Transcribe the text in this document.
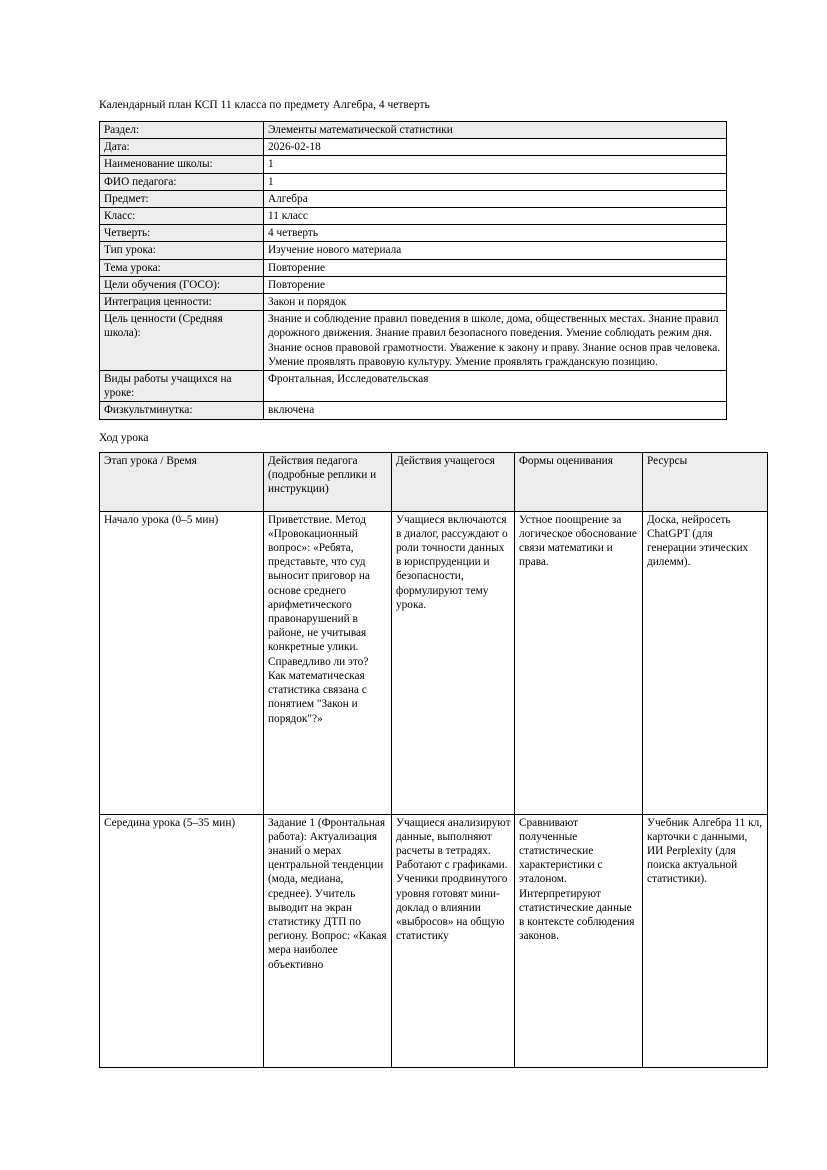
Календарный план КСП 11 класса по предмету Алгебра, 4 четверть

Раздел:	Элементы математической статистики
Дата:	2026-02-18
Наименование школы:	1
ФИО педагога:	1
Предмет:	Алгебра
Класс:	11 класс
Четверть:	4 четверть
Тип урока:	Изучение нового материала
Тема урока:	Повторение
Цели обучения (ГОСО):	Повторение
Интеграция ценности:	Закон и порядок
Цель ценности (Средняя школа):	Знание и соблюдение правил поведения в школе, дома, общественных местах. Знание правил дорожного движения. Знание правил безопасного поведения. Умение соблюдать режим дня. Знание основ правовой грамотности. Уважение к закону и праву. Знание основ прав человека. Умение проявлять правовую культуру. Умение проявлять гражданскую позицию.
Виды работы учащихся на уроке:	Фронтальная, Исследовательская
Физкультминутка:	включена

Ход урока

Этап урока / Время	Действия педагога (подробные реплики и инструкции)	Действия учащегося	Формы оценивания	Ресурсы

Начало урока (0–5 мин)	Приветствие. Метод «Провокационный вопрос»: «Ребята, представьте, что суд выносит приговор на основе среднего арифметического правонарушений в районе, не учитывая конкретные улики. Справедливо ли это? Как математическая статистика связана с понятием "Закон и порядок"?»	Учащиеся включаются в диалог, рассуждают о роли точности данных в юриспруденции и безопасности, формулируют тему урока.	Устное поощрение за логическое обоснование связи математики и права.	Доска, нейросеть ChatGPT (для генерации этических дилемм).
Середина урока (5–35 мин)	Задание 1 (Фронтальная работа): Актуализация знаний о мерах центральной тенденции (мода, медиана, среднее). Учитель выводит на экран статистику ДТП по региону. Вопрос: «Какая мера наиболее объективно	Учащиеся анализируют данные, выполняют расчеты в тетрадях. Работают с графиками. Ученики продвинутого уровня готовят мини-доклад о влиянии «выбросов» на общую статистику	Сравнивают полученные статистические характеристики с эталоном. Интерпретируют статистические данные в контексте соблюдения законов.	Учебник Алгебра 11 кл, карточки с данными, ИИ Perplexity (для поиска актуальной статистики).
